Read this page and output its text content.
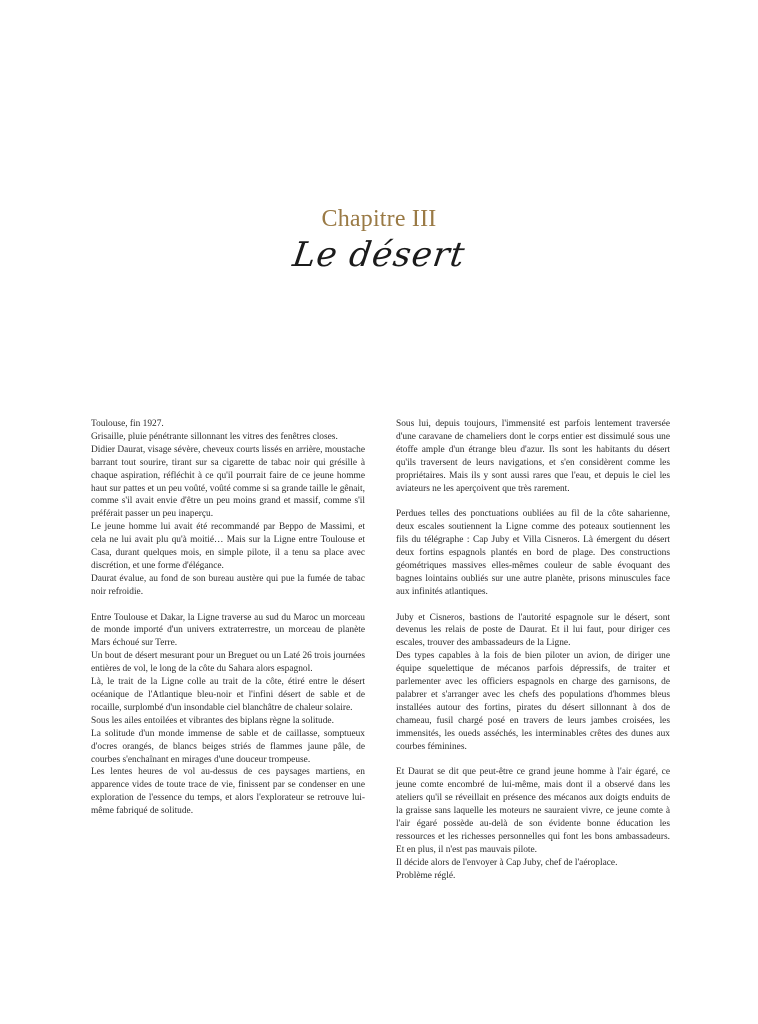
Chapitre III
Le désert

Toulouse, fin 1927.

Grisaille, pluie pénétrante sillonnant les vitres des fenêtres closes.

Didier Daurat, visage sévère, cheveux courts lissés en arrière, moustache barrant tout sourire, tirant sur sa cigarette de tabac noir qui grésille à chaque aspiration, réfléchit à ce qu'il pourrait faire de ce jeune homme haut sur pattes et un peu voûté, voûté comme si sa grande taille le gênait, comme s'il avait envie d'être un peu moins grand et massif, comme s'il préférait passer un peu inaperçu.

Le jeune homme lui avait été recommandé par Beppo de Massimi, et cela ne lui avait plu qu'à moitié… Mais sur la Ligne entre Toulouse et Casa, durant quelques mois, en simple pilote, il a tenu sa place avec discrétion, et une forme d'élégance.

Daurat évalue, au fond de son bureau austère qui pue la fumée de tabac noir refroidie.

Entre Toulouse et Dakar, la Ligne traverse au sud du Maroc un morceau de monde importé d'un univers extraterrestre, un morceau de planète Mars échoué sur Terre.

Un bout de désert mesurant pour un Breguet ou un Laté 26 trois journées entières de vol, le long de la côte du Sahara alors espagnol.

Là, le trait de la Ligne colle au trait de la côte, étiré entre le désert océanique de l'Atlantique bleu-noir et l'infini désert de sable et de rocaille, surplombé d'un insondable ciel blanchâtre de chaleur solaire.

Sous les ailes entoilées et vibrantes des biplans règne la solitude.

La solitude d'un monde immense de sable et de caillasse, somptueux d'ocres orangés, de blancs beiges striés de flammes jaune pâle, de courbes s'enchaînant en mirages d'une douceur trompeuse.

Les lentes heures de vol au-dessus de ces paysages martiens, en apparence vides de toute trace de vie, finissent par se condenser en une exploration de l'essence du temps, et alors l'explorateur se retrouve lui-même fabriqué de solitude.

Sous lui, depuis toujours, l'immensité est parfois lentement traversée d'une caravane de chameliers dont le corps entier est dissimulé sous une étoffe ample d'un étrange bleu d'azur. Ils sont les habitants du désert qu'ils traversent de leurs navigations, et s'en considèrent comme les propriétaires. Mais ils y sont aussi rares que l'eau, et depuis le ciel les aviateurs ne les aperçoivent que très rarement.

Perdues telles des ponctuations oubliées au fil de la côte saharienne, deux escales soutiennent la Ligne comme des poteaux soutiennent les fils du télégraphe : Cap Juby et Villa Cisneros. Là émergent du désert deux fortins espagnols plantés en bord de plage. Des constructions géométriques massives elles-mêmes couleur de sable évoquant des bagnes lointains oubliés sur une autre planète, prisons minuscules face aux infinités atlantiques.

Juby et Cisneros, bastions de l'autorité espagnole sur le désert, sont devenus les relais de poste de Daurat. Et il lui faut, pour diriger ces escales, trouver des ambassadeurs de la Ligne.

Des types capables à la fois de bien piloter un avion, de diriger une équipe squelettique de mécanos parfois dépressifs, de traiter et parlementer avec les officiers espagnols en charge des garnisons, de palabrer et s'arranger avec les chefs des populations d'hommes bleus installées autour des fortins, pirates du désert sillonnant à dos de chameau, fusil chargé posé en travers de leurs jambes croisées, les immensités, les oueds asséchés, les interminables crêtes des dunes aux courbes féminines.

Et Daurat se dit que peut-être ce grand jeune homme à l'air égaré, ce jeune comte encombré de lui-même, mais dont il a observé dans les ateliers qu'il se réveillait en présence des mécanos aux doigts enduits de la graisse sans laquelle les moteurs ne sauraient vivre, ce jeune comte à l'air égaré possède au-delà de son évidente bonne éducation les ressources et les richesses personnelles qui font les bons ambassadeurs. Et en plus, il n'est pas mauvais pilote.

Il décide alors de l'envoyer à Cap Juby, chef de l'aéroplace.

Problème réglé.
